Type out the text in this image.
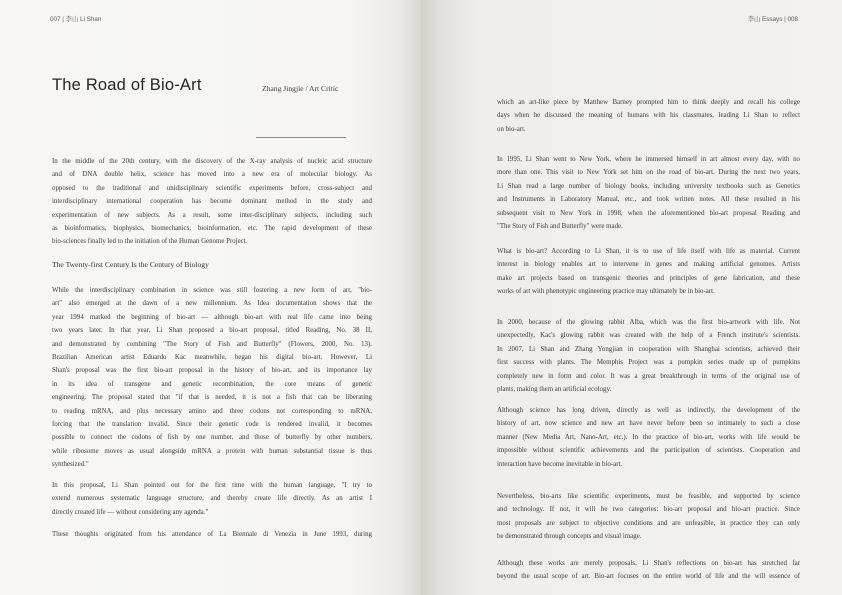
007 | 李山 Li Shan
The Road of Bio-Art	Zhang Jingjie / Art Critic
In the middle of the 20th century, with the discovery of the X-ray analysis of nucleic acid structure
and of DNA double helix, science has moved into a new era of molecular biology. As
opposed to the traditional and unidisciplinary scientific experiments before, cross-subject and
interdisciplinary international cooperation has become dominant method in the study and
experimentation of new subjects. As a result, some inter-disciplinary subjects, including such
as bioinformatics, biophysics, biomechanics, bioinformation, etc. The rapid development of these
bio-sciences finally led to the initiation of the Human Genome Project.
The Twenty-first Century Is the Century of Biology
While the interdisciplinary combination in science was still fostering a new form of art, "bio-
art" also emerged at the dawn of a new millennium. As Idea documentation shows that the
year 1994 marked the beginning of bio-art — although bio-art with real life came into being
two years later. In that year, Li Shan proposed a bio-art proposal, titled Reading, No. 38 II,
and demonstrated by combining "The Story of Fish and Butterfly" (Flowers, 2000, No. 13).
Brazilian American artist Eduardo Kac meanwhile, began his digital bio-art. However, Li
Shan's proposal was the first bio-art proposal in the history of bio-art, and its importance lay
in its idea of transgene and genetic recombination, the core means of genetic
engineering. The proposal stated that "if that is needed, it is not a fish that can be liberating
to reading mRNA, and plus necessary amino and three codons not corresponding to mRNA,
forcing that the translation invalid. Since their genetic code is rendered invalid, it becomes
possible to connect the codons of fish by one number, and those of butterfly by other numbers,
while ribosome moves as usual alongside mRNA a protein with human substantial tissue is thus
synthesized."
In this proposal, Li Shan pointed out for the first time with the human language, "I try to
extend numerous systematic language structure, and thereby create life directly. As an artist I
directly created life — without considering any agenda."
These thoughts originated from his attendance of La Biennale di Venezia in June 1993, during
李山 Essays | 008
which an art-like piece by Matthew Barney prompted him to think deeply and recall his college
days when he discussed the meaning of humans with his classmates, leading Li Shan to reflect
on bio-art.
In 1995, Li Shan went to New York, where he immersed himself in art almost every day, with no
more than one. This visit to New York set him on the road of bio-art. During the next two years,
Li Shan read a large number of biology books, including university textbooks such as Genetics
and Instruments in Laboratory Manual, etc., and took written notes. All these resulted in his
subsequent visit to New York in 1998, when the aforementioned bio-art proposal Reading and
"The Story of Fish and Butterfly" were made.
What is bio-art? According to Li Shan, it is to use of life itself with life as material. Current
interest in biology enables art to intervene in genes and making artificial genomes. Artists
make art projects based on transgenic theories and principles of gene fabrication, and these
works of art with phenotypic engineering practice may ultimately be in bio-art.
In 2000, because of the glowing rabbit Alba, which was the first bio-artwork with life. Not
unexpectedly, Kac's glowing rabbit was created with the help of a French institute's scientists.
In 2007, Li Shan and Zhang Yongjian in cooperation with Shanghai scientists, achieved their
first success with plants. The Memphis Project was a pumpkin series made up of pumpkins
completely new in form and color. It was a great breakthrough in terms of the original use of
plants, making them an artificial ecology.
Although science has long driven, directly as well as indirectly, the development of the
history of art, now science and new art have never before been so intimately to such a close
manner (New Media Art, Nano-Art, etc.). In the practice of bio-art, works with life would be
impossible without scientific achievements and the participation of scientists. Cooperation and
interaction have become inevitable in bio-art.
Nevertheless, bio-arts like scientific experiments, must be feasible, and supported by science
and technology. If not, it will be two categories: bio-art proposal and bio-art practice. Since
most proposals are subject to objective conditions and are unfeasible, in practice they can only
be demonstrated through concepts and visual image.
Although these works are merely proposals, Li Shan's reflections on bio-art has stretched far
beyond the usual scope of art. Bio-art focuses on the entire world of life and the will essence of
